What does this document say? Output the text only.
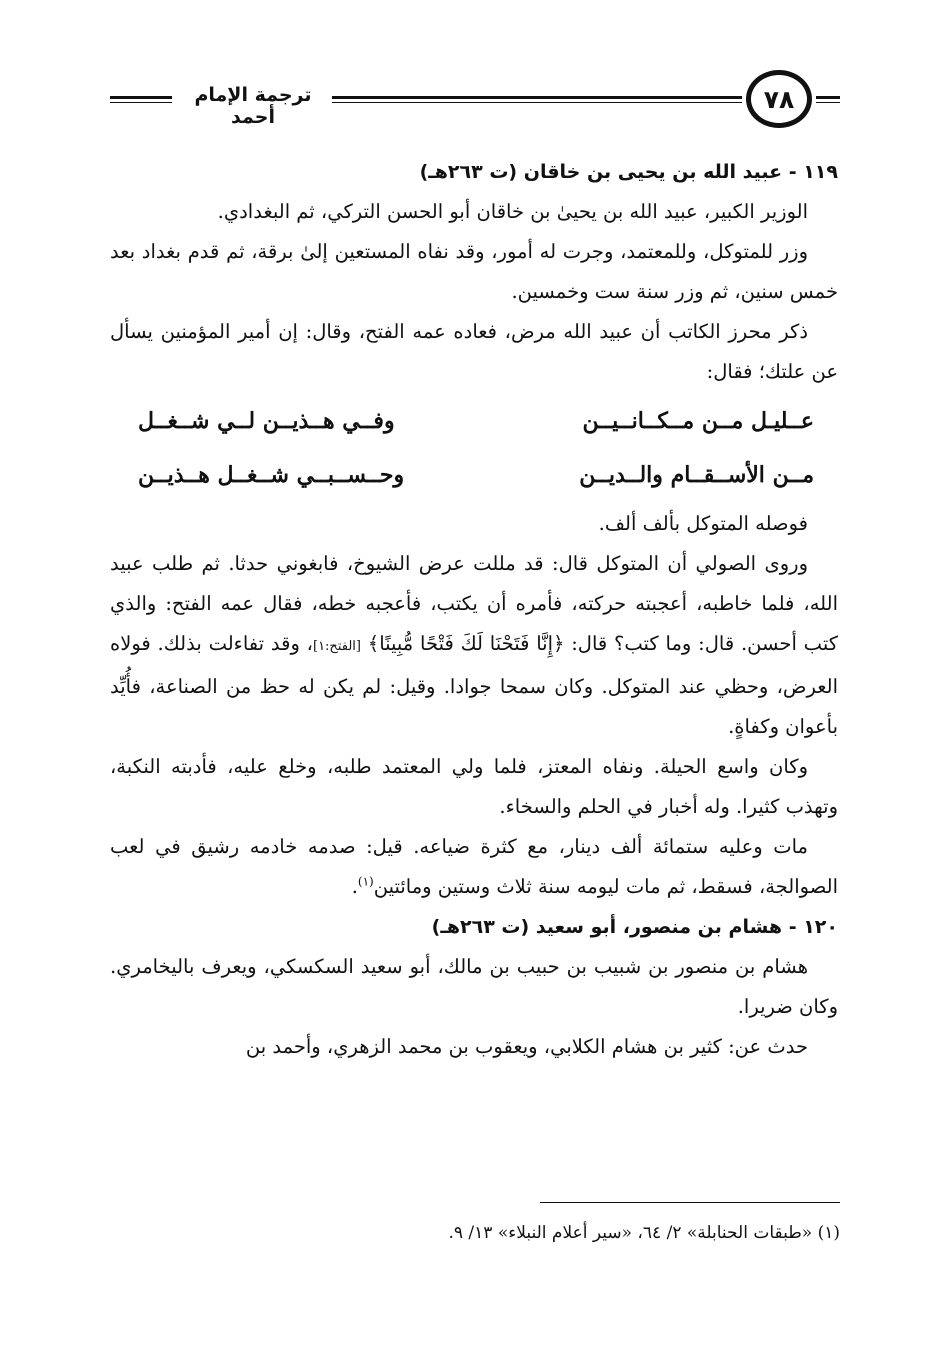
ترجمة الإمام أحمد
٧٨

١١٩ - عبيد الله بن يحيى بن خاقان (ت ٢٦٣هـ)

الوزير الكبير، عبيد الله بن يحيىٰ بن خاقان أبو الحسن التركي، ثم البغدادي.

وزر للمتوكل، وللمعتمد، وجرت له أمور، وقد نفاه المستعين إلىٰ برقة، ثم قدم بغداد بعد خمس سنين، ثم وزر سنة ست وخمسين.

ذكر محرز الكاتب أن عبيد الله مرض، فعاده عمه الفتح، وقال: إن أمير المؤمنين يسأل عن علتك؛ فقال:

عــليـل مــن مــكــانــيــن
وفــي هــذيــن لــي شــغــل
مــن الأســقــام والــديــن
وحــســبــي شــغــل هــذيــن

فوصله المتوكل بألف ألف.

وروى الصولي أن المتوكل قال: قد مللت عرض الشيوخ، فابغوني حدثا. ثم طلب عبيد الله، فلما خاطبه، أعجبته حركته، فأمره أن يكتب، فأعجبه خطه، فقال عمه الفتح: والذي كتب أحسن. قال: وما كتب؟ قال: ﴿إِنَّا فَتَحْنَا لَكَ فَتْحًا مُّبِينًا﴾ [الفتح:١]، وقد تفاءلت بذلك. فولاه العرض، وحظي عند المتوكل. وكان سمحا جوادا. وقيل: لم يكن له حظ من الصناعة، فأُيِّد بأعوان وكفاةٍ.

وكان واسع الحيلة. ونفاه المعتز، فلما ولي المعتمد طلبه، وخلع عليه، فأدبته النكبة، وتهذب كثيرا. وله أخبار في الحلم والسخاء.

مات وعليه ستمائة ألف دينار، مع كثرة ضياعه. قيل: صدمه خادمه رشيق في لعب الصوالجة، فسقط، ثم مات ليومه سنة ثلاث وستين ومائتين$^{(١)}$.

١٢٠ - هشام بن منصور، أبو سعيد (ت ٢٦٣هـ)

هشام بن منصور بن شبيب بن حبيب بن مالك، أبو سعيد السكسكي، ويعرف باليخامري. وكان ضريرا.

حدث عن: كثير بن هشام الكلابي، ويعقوب بن محمد الزهري، وأحمد بن

(١) «طبقات الحنابلة» ٢/ ٦٤، «سير أعلام النبلاء» ١٣/ ٩.
